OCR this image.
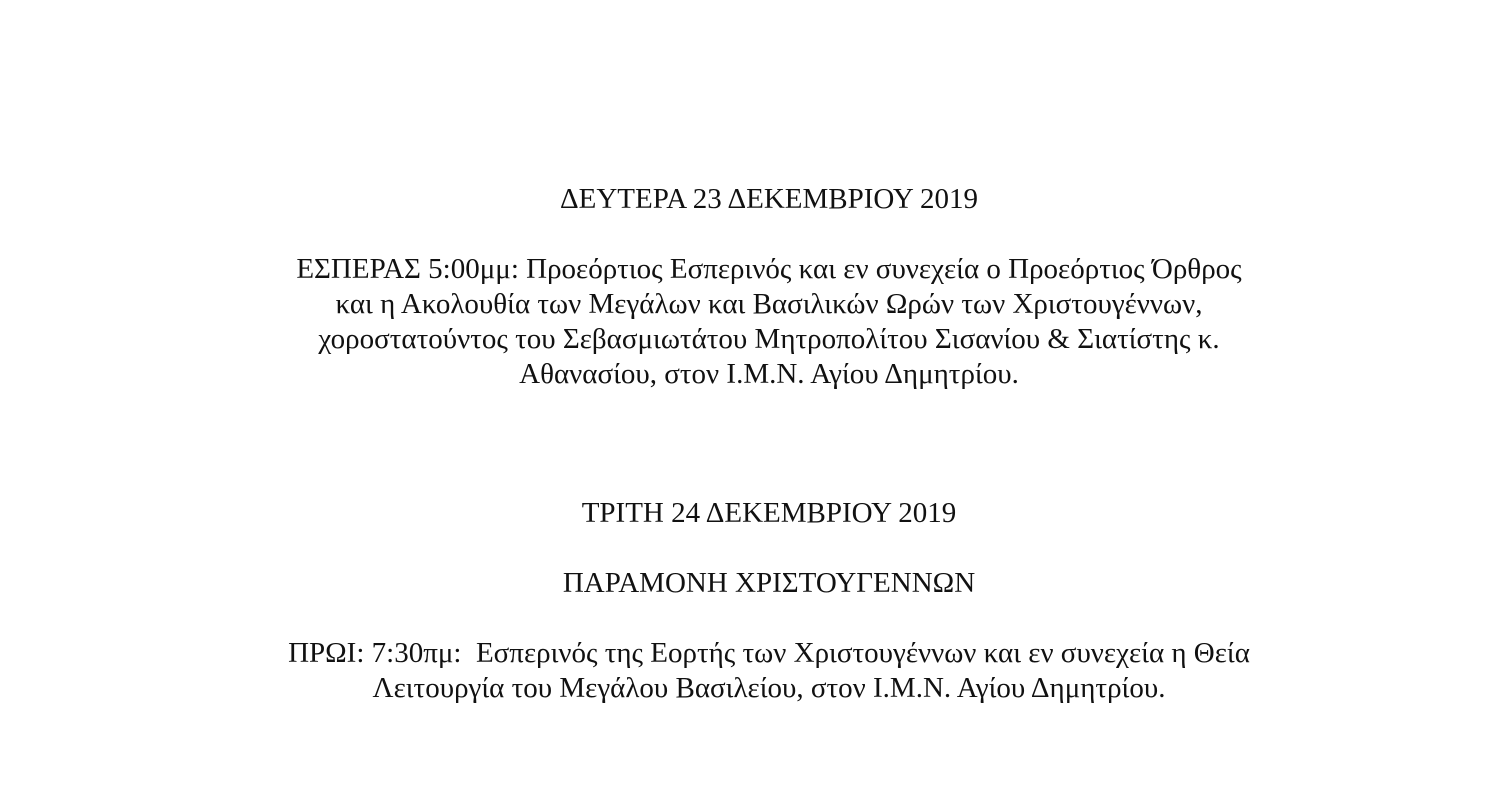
ΔΕΥΤΕΡΑ 23 ΔΕΚΕΜΒΡΙΟΥ 2019
ΕΣΠΕΡΑΣ 5:00μμ: Προεόρτιος Εσπερινός και εν συνεχεία ο Προεόρτιος Όρθρος
και η Ακολουθία των Μεγάλων και Βασιλικών Ωρών των Χριστουγέννων,
χοροστατούντος του Σεβασμιωτάτου Μητροπολίτου Σισανίου & Σιατίστης κ.
Αθανασίου, στον Ι.Μ.Ν. Αγίου Δημητρίου.
ΤΡΙΤΗ 24 ΔΕΚΕΜΒΡΙΟΥ 2019
ΠΑΡΑΜΟΝΗ ΧΡΙΣΤΟΥΓΕΝΝΩΝ
ΠΡΩΙ: 7:30πμ:  Εσπερινός της Εορτής των Χριστουγέννων και εν συνεχεία η Θεία
Λειτουργία του Μεγάλου Βασιλείου, στον Ι.Μ.Ν. Αγίου Δημητρίου.
